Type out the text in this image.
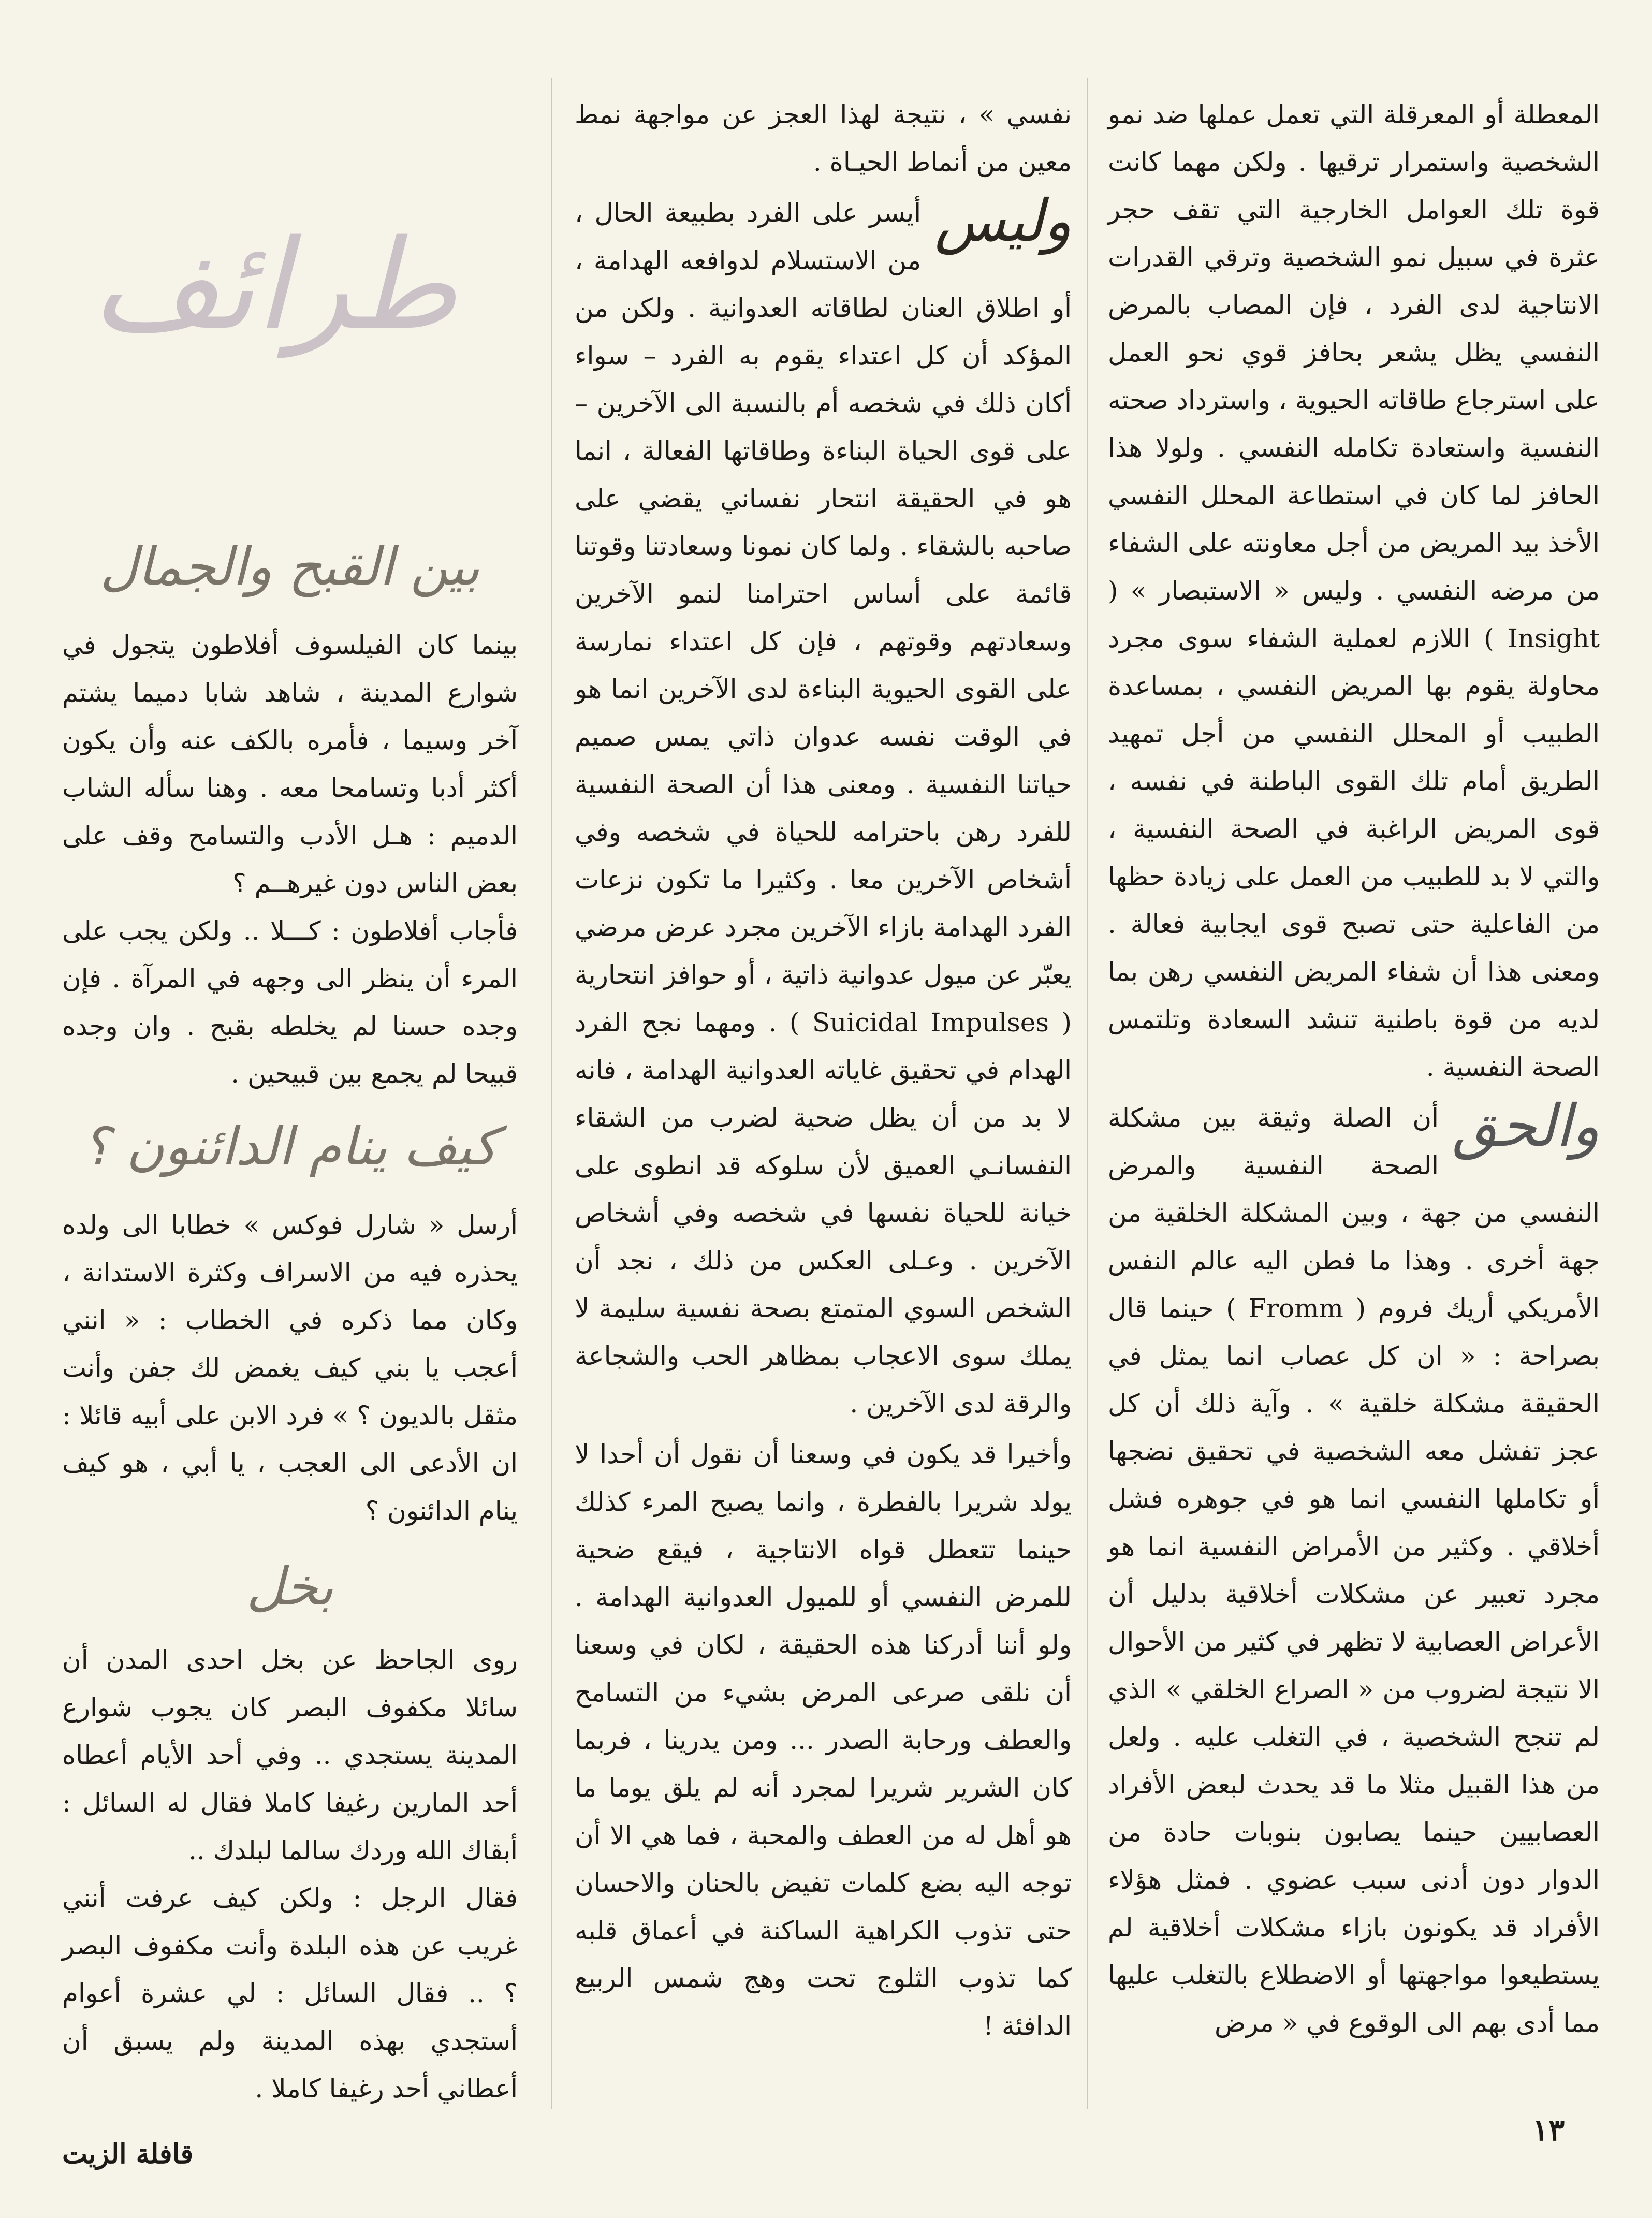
المعطلة أو المعرقلة التي تعمل عملها ضد نمو الشخصية واستمرار ترقيها . ولكن مهما كانت قوة تلك العوامل الخارجية التي تقف حجر عثرة في سبيل نمو الشخصية وترقي القدرات الانتاجية لدى الفرد ، فإن المصاب بالمرض النفسي يظل يشعر بحافز قوي نحو العمل على استرجاع طاقاته الحيوية ، واسترداد صحته النفسية واستعادة تكامله النفسي . ولولا هذا الحافز لما كان في استطاعة المحلل النفسي الأخذ بيد المريض من أجل معاونته على الشفاء من مرضه النفسي . وليس « الاستبصار » ( Insight ) اللازم لعملية الشفاء سوى مجرد محاولة يقوم بها المريض النفسي ، بمساعدة الطبيب أو المحلل النفسي من أجل تمهيد الطريق أمام تلك القوى الباطنة في نفسه ، قوى المريض الراغبة في الصحة النفسية ، والتي لا بد للطبيب من العمل على زيادة حظها من الفاعلية حتى تصبح قوى ايجابية فعالة . ومعنى هذا أن شفاء المريض النفسي رهن بما لديه من قوة باطنية تنشد السعادة وتلتمس الصحة النفسية .

والحق
أن الصلة وثيقة بين مشكلة الصحة النفسية والمرض النفسي من جهة ، وبين المشكلة الخلقية من جهة أخرى . وهذا ما فطن اليه عالم النفس الأمريكي أريك فروم ( Fromm ) حينما قال بصراحة : « ان كل عصاب انما يمثل في الحقيقة مشكلة خلقية » . وآية ذلك أن كل عجز تفشل معه الشخصية في تحقيق نضجها أو تكاملها النفسي انما هو في جوهره فشل أخلاقي . وكثير من الأمراض النفسية انما هو مجرد تعبير عن مشكلات أخلاقية بدليل أن الأعراض العصابية لا تظهر في كثير من الأحوال الا نتيجة لضروب من « الصراع الخلقي » الذي لم تنجح الشخصية ، في التغلب عليه . ولعل من هذا القبيل مثلا ما قد يحدث لبعض الأفراد العصابيين حينما يصابون بنوبات حادة من الدوار دون أدنى سبب عضوي . فمثل هؤلاء الأفراد قد يكونون بازاء مشكلات أخلاقية لم يستطيعوا مواجهتها أو الاضطلاع بالتغلب عليها مما أدى بهم الى الوقوع في « مرض

نفسي » ، نتيجة لهذا العجز عن مواجهة نمط معين من أنماط الحيـاة .

وليس
أيسر على الفرد بطبيعة الحال ، من الاستسلام لدوافعه الهدامة ، أو اطلاق العنان لطاقاته العدوانية . ولكن من المؤكد أن كل اعتداء يقوم به الفرد – سواء أكان ذلك في شخصه أم بالنسبة الى الآخرين – على قوى الحياة البناءة وطاقاتها الفعالة ، انما هو في الحقيقة انتحار نفساني يقضي على صاحبه بالشقاء . ولما كان نمونا وسعادتنا وقوتنا قائمة على أساس احترامنا لنمو الآخرين وسعادتهم وقوتهم ، فإن كل اعتداء نمارسة على القوى الحيوية البناءة لدى الآخرين انما هو في الوقت نفسه عدوان ذاتي يمس صميم حياتنا النفسية . ومعنى هذا أن الصحة النفسية للفرد رهن باحترامه للحياة في شخصه وفي أشخاص الآخرين معا . وكثيرا ما تكون نزعات الفرد الهدامة بازاء الآخرين مجرد عرض مرضي يعبّر عن ميول عدوانية ذاتية ، أو حوافز انتحارية ( Suicidal Impulses ) . ومهما نجح الفرد الهدام في تحقيق غاياته العدوانية الهدامة ، فانه لا بد من أن يظل ضحية لضرب من الشقاء النفسانـي العميق لأن سلوكه قد انطوى على خيانة للحياة نفسها في شخصه وفي أشخاص الآخرين . وعـلى العكس من ذلك ، نجد أن الشخص السوي المتمتع بصحة نفسية سليمة لا يملك سوى الاعجاب بمظاهر الحب والشجاعة والرقة لدى الآخرين .

وأخيرا قد يكون في وسعنا أن نقول أن أحدا لا يولد شريرا بالفطرة ، وانما يصبح المرء كذلك حينما تتعطل قواه الانتاجية ، فيقع ضحية للمرض النفسي أو للميول العدوانية الهدامة . ولو أننا أدركنا هذه الحقيقة ، لكان في وسعنا أن نلقى صرعى المرض بشيء من التسامح والعطف ورحابة الصدر ... ومن يدرينا ، فربما كان الشرير شريرا لمجرد أنه لم يلق يوما ما هو أهل له من العطف والمحبة ، فما هي الا أن توجه اليه بضع كلمات تفيض بالحنان والاحسان حتى تذوب الكراهية الساكنة في أعماق قلبه كما تذوب الثلوج تحت وهج شمس الربيع الدافئة !

طرائف
بين القبح والجمال

بينما كان الفيلسوف أفلاطون يتجول في شوارع المدينة ، شاهد شابا دميما يشتم آخر وسيما ، فأمره بالكف عنه وأن يكون أكثر أدبا وتسامحا معه . وهنا سأله الشاب الدميم : هـل الأدب والتسامح وقف على بعض الناس دون غيرهــم ؟

فأجاب أفلاطون : كـــلا .. ولكن يجب على المرء أن ينظر الى وجهه في المرآة . فإن وجده حسنا لم يخلطه بقبح . وان وجده قبيحا لم يجمع بين قبيحين .

كيف ينام الدائنون ؟

أرسل « شارل فوكس » خطابا الى ولده يحذره فيه من الاسراف وكثرة الاستدانة ، وكان مما ذكره في الخطاب : « انني أعجب يا بني كيف يغمض لك جفن وأنت مثقل بالديون ؟ » فرد الابن على أبيه قائلا : ان الأدعى الى العجب ، يا أبي ، هو كيف ينام الدائنون ؟

بخل

روى الجاحظ عن بخل احدى المدن أن سائلا مكفوف البصر كان يجوب شوارع المدينة يستجدي .. وفي أحد الأيام أعطاه أحد المارين رغيفا كاملا فقال له السائل : أبقاك الله وردك سالما لبلدك ..

فقال الرجل : ولكن كيف عرفت أنني غريب عن هذه البلدة وأنت مكفوف البصر ؟ .. فقال السائل : لي عشرة أعوام أستجدي بهذه المدينة ولم يسبق أن أعطاني أحد رغيفا كاملا .

١٣
قافلة الزيت
